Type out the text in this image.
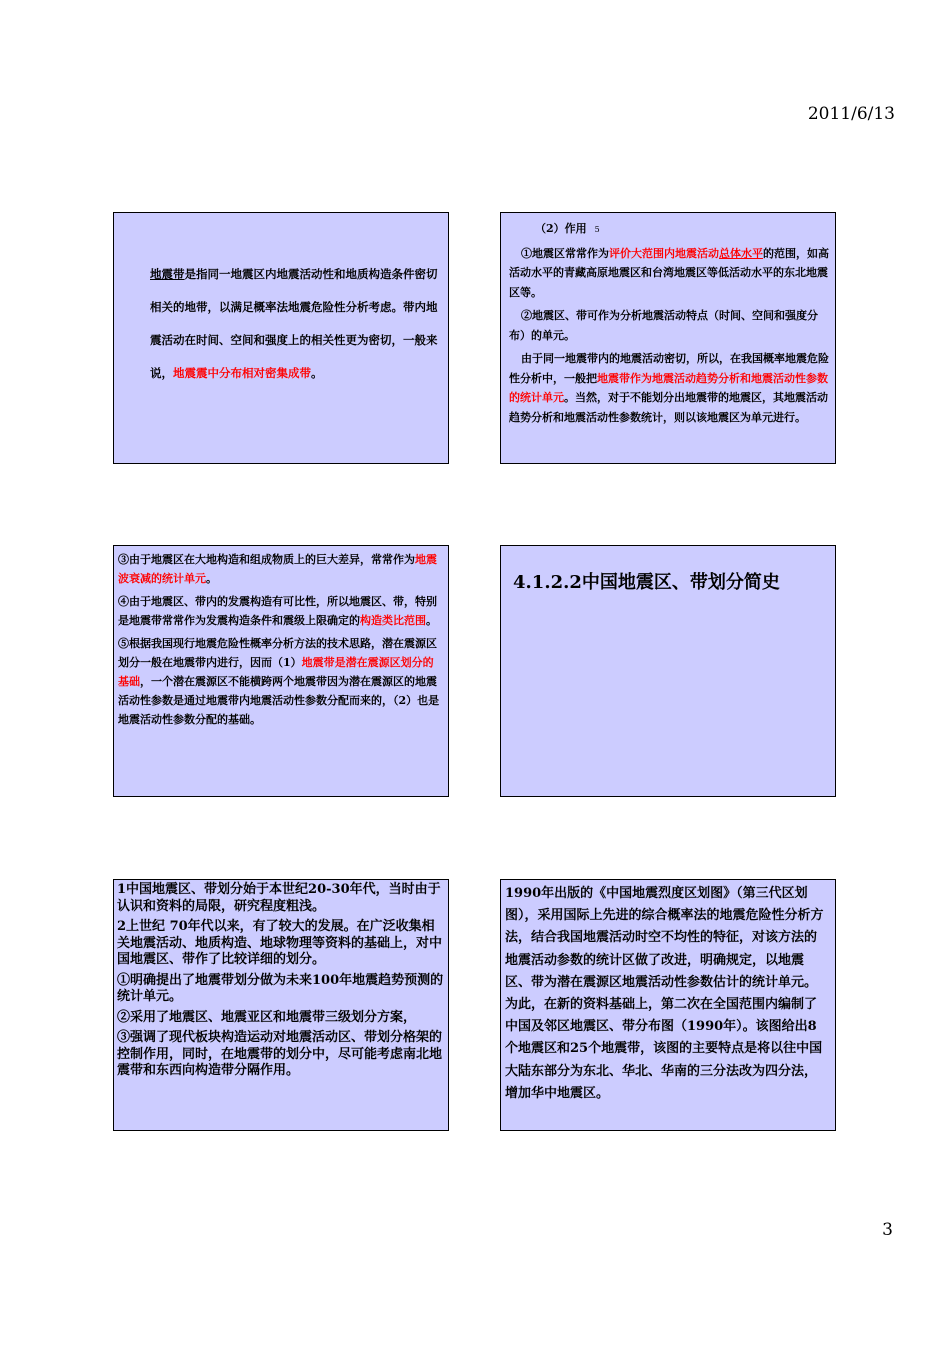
2011/6/13
地震带是指同一地震区内地震活动性和地质构造条件密切相关的地带，以满足概率法地震危险性分析考虑。带内地震活动在时间、空间和强度上的相关性更为密切，一般来说，地震震中分布相对密集成带。
（2）作用 5

①地震区常常作为评价大范围内地震活动总体水平的范围，如高活动水平的青藏高原地震区和台湾地震区等低活动水平的东北地震区等。

②地震区、带可作为分析地震活动特点（时间、空间和强度分布）的单元。

由于同一地震带内的地震活动密切，所以，在我国概率地震危险性分析中，一般把地震带作为地震活动趋势分析和地震活动性参数的统计单元。当然，对于不能划分出地震带的地震区，其地震活动趋势分析和地震活动性参数统计，则以该地震区为单元进行。

③由于地震区在大地构造和组成物质上的巨大差异，常常作为地震波衰减的统计单元。

④由于地震区、带内的发震构造有可比性，所以地震区、带，特别是地震带常常作为发震构造条件和震级上限确定的构造类比范围。

⑤根据我国现行地震危险性概率分析方法的技术思路，潜在震源区划分一般在地震带内进行，因而（1）地震带是潜在震源区划分的基础，一个潜在震源区不能横跨两个地震带因为潜在震源区的地震活动性参数是通过地震带内地震活动性参数分配而来的，（2）也是地震活动性参数分配的基础。

4.1.2.2中国地震区、带划分简史

1中国地震区、带划分始于本世纪20-30年代，当时由于认识和资料的局限，研究程度粗浅。

2上世纪 70年代以来，有了较大的发展。在广泛收集相关地震活动、地质构造、地球物理等资料的基础上，对中国地震区、带作了比较详细的划分。

①明确提出了地震带划分做为未来100年地震趋势预测的统计单元。

②采用了地震区、地震亚区和地震带三级划分方案，

③强调了现代板块构造运动对地震活动区、带划分格架的控制作用，同时，在地震带的划分中，尽可能考虑南北地震带和东西向构造带分隔作用。

1990年出版的《中国地震烈度区划图》（第三代区划图），采用国际上先进的综合概率法的地震危险性分析方法，结合我国地震活动时空不均性的特征，对该方法的地震活动参数的统计区做了改进，明确规定，以地震区、带为潜在震源区地震活动性参数估计的统计单元。为此，在新的资料基础上，第二次在全国范围内编制了中国及邻区地震区、带分布图（1990年）。该图给出8个地震区和25个地震带，该图的主要特点是将以往中国大陆东部分为东北、华北、华南的三分法改为四分法，增加华中地震区。

3
